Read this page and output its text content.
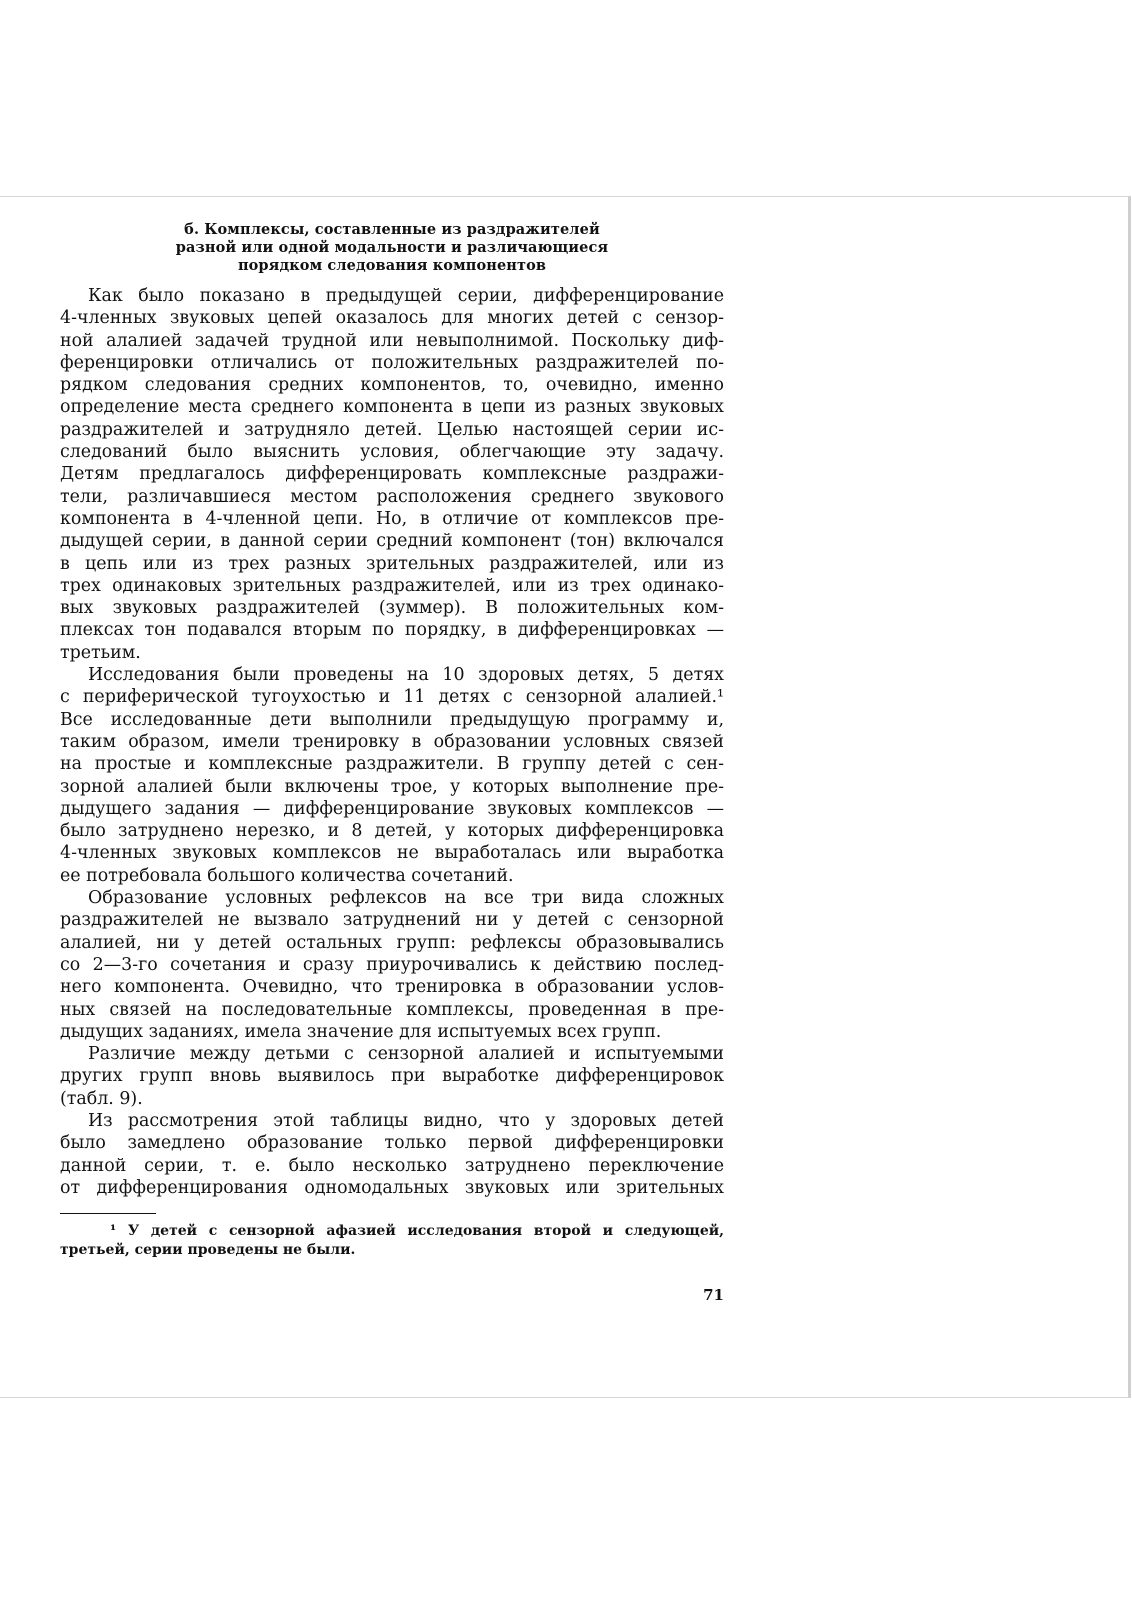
б. Комплексы, составленные из раздражителей
разной или одной модальности и различающиеся
порядком следования компонентов
Как было показано в предыдущей серии, дифференцирование
4-членных звуковых цепей оказалось для многих детей с сензор-
ной алалией задачей трудной или невыполнимой. Поскольку диф-
ференцировки отличались от положительных раздражителей по-
рядком следования средних компонентов, то, очевидно, именно
определение места среднего компонента в цепи из разных звуковых
раздражителей и затрудняло детей. Целью настоящей серии ис-
следований было выяснить условия, облегчающие эту задачу.
Детям предлагалось дифференцировать комплексные раздражи-
тели, различавшиеся местом расположения среднего звукового
компонента в 4-членной цепи. Но, в отличие от комплексов пре-
дыдущей серии, в данной серии средний компонент (тон) включался
в цепь или из трех разных зрительных раздражителей, или из
трех одинаковых зрительных раздражителей, или из трех одинако-
вых звуковых раздражителей (зуммер). В положительных ком-
плексах тон подавался вторым по порядку, в дифференцировках —
третьим.
Исследования были проведены на 10 здоровых детях, 5 детях
с периферической тугоухостью и 11 детях с сензорной алалией.¹
Все исследованные дети выполнили предыдущую программу и,
таким образом, имели тренировку в образовании условных связей
на простые и комплексные раздражители. В группу детей с сен-
зорной алалией были включены трое, у которых выполнение пре-
дыдущего задания — дифференцирование звуковых комплексов —
было затруднено нерезко, и 8 детей, у которых дифференцировка
4-членных звуковых комплексов не выработалась или выработка
ее потребовала большого количества сочетаний.
Образование условных рефлексов на все три вида сложных
раздражителей не вызвало затруднений ни у детей с сензорной
алалией, ни у детей остальных групп: рефлексы образовывались
со 2—3-го сочетания и сразу приурочивались к действию послед-
него компонента. Очевидно, что тренировка в образовании услов-
ных связей на последовательные комплексы, проведенная в пре-
дыдущих заданиях, имела значение для испытуемых всех групп.
Различие между детьми с сензорной алалией и испытуемыми
других групп вновь выявилось при выработке дифференцировок
(табл. 9).
Из рассмотрения этой таблицы видно, что у здоровых детей
было замедлено образование только первой дифференцировки
данной серии, т. е. было несколько затруднено переключение
от дифференцирования одномодальных звуковых или зрительных
¹ У детей с сензорной афазией исследования второй и следующей,
третьей, серии проведены не были.
71
